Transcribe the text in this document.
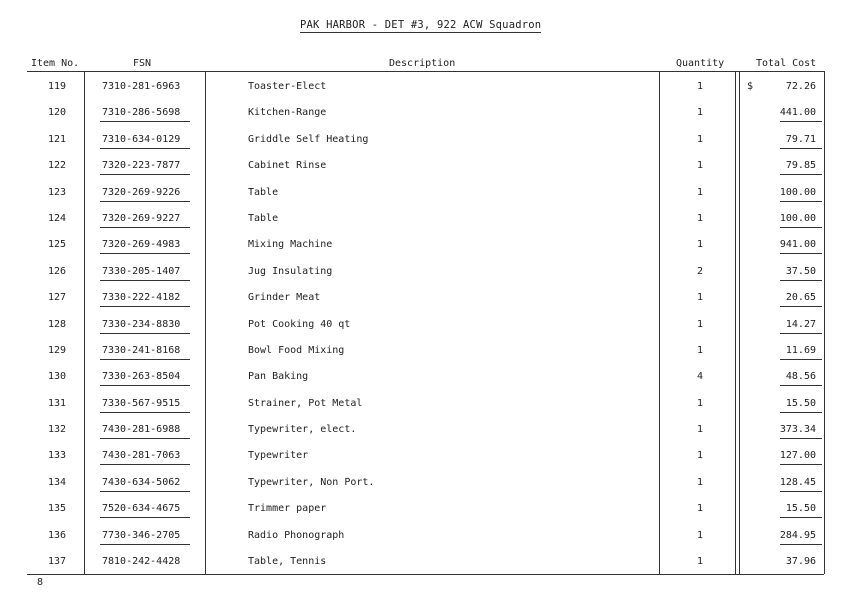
PAK HARBOR - DET #3, 922 ACW Squadron
Item No.	FSN	Description	Quantity	Total Cost
119	7310-281-6963	Toaster-Elect	1	$	72.26
120	7310-286-5698	Kitchen-Range	1	441.00
121	7310-634-0129	Griddle Self Heating	1	79.71
122	7320-223-7877	Cabinet Rinse	1	79.85
123	7320-269-9226	Table	1	100.00
124	7320-269-9227	Table	1	100.00
125	7320-269-4983	Mixing Machine	1	941.00
126	7330-205-1407	Jug Insulating	2	37.50
127	7330-222-4182	Grinder Meat	1	20.65
128	7330-234-8830	Pot Cooking 40 qt	1	14.27
129	7330-241-8168	Bowl Food Mixing	1	11.69
130	7330-263-8504	Pan Baking	4	48.56
131	7330-567-9515	Strainer, Pot Metal	1	15.50
132	7430-281-6988	Typewriter, elect.	1	373.34
133	7430-281-7063	Typewriter	1	127.00
134	7430-634-5062	Typewriter, Non Port.	1	128.45
135	7520-634-4675	Trimmer paper	1	15.50
136	7730-346-2705	Radio Phonograph	1	284.95
137	7810-242-4428	Table, Tennis	1	37.96
8
